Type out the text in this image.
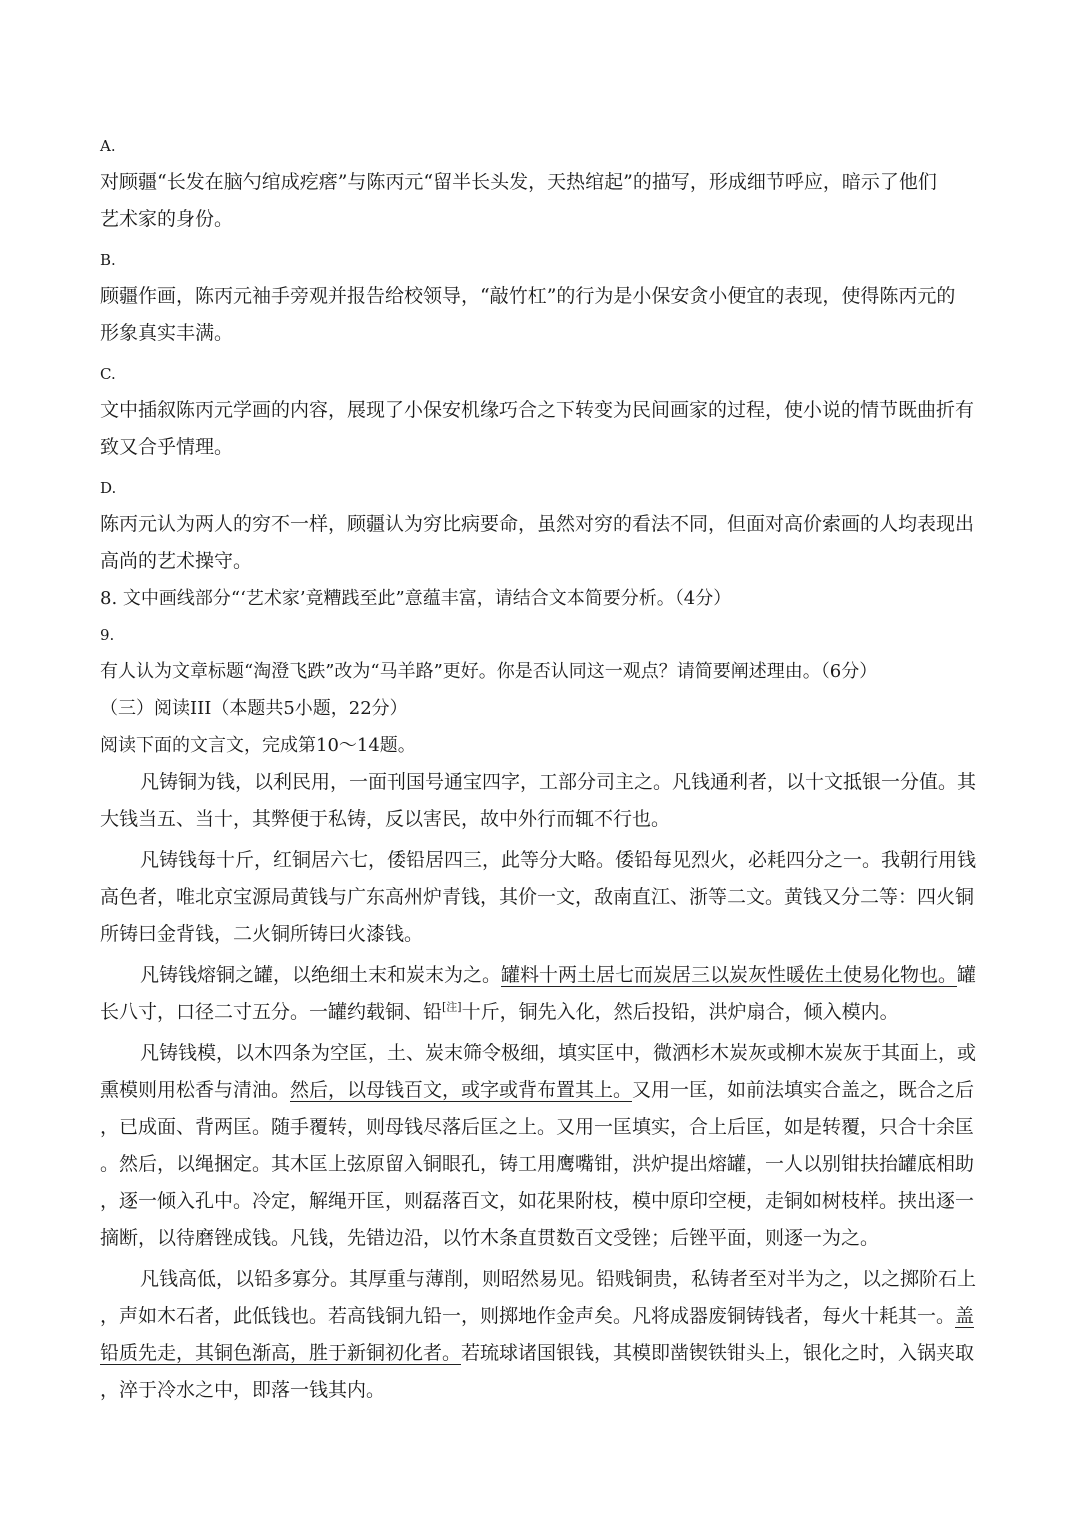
A.
对顾疆“长发在脑勺绾成疙瘩”与陈丙元“留半长头发，天热绾起”的描写，形成细节呼应，暗示了他们
艺术家的身份。
B.
顾疆作画，陈丙元袖手旁观并报告给校领导，“敲竹杠”的行为是小保安贪小便宜的表现，使得陈丙元的
形象真实丰满。
C.
文中插叙陈丙元学画的内容，展现了小保安机缘巧合之下转变为民间画家的过程，使小说的情节既曲折有
致又合乎情理。
D.
陈丙元认为两人的穷不一样，顾疆认为穷比病要命，虽然对穷的看法不同，但面对高价索画的人均表现出
高尚的艺术操守。
8. 文中画线部分“‘艺术家’竟糟践至此”意蕴丰富，请结合文本简要分析。（4分）
9.
有人认为文章标题“淘澄飞跌”改为“马羊路”更好。你是否认同这一观点？请简要阐述理由。（6分）
（三）阅读III（本题共5小题，22分）
阅读下面的文言文，完成第10～14题。
凡铸铜为钱，以利民用，一面刊国号通宝四字，工部分司主之。凡钱通利者，以十文抵银一分值。其
大钱当五、当十，其弊便于私铸，反以害民，故中外行而辄不行也。
凡铸钱每十斤，红铜居六七，倭铅居四三，此等分大略。倭铅每见烈火，必耗四分之一。我朝行用钱
高色者，唯北京宝源局黄钱与广东高州炉青钱，其价一文，敌南直江、浙等二文。黄钱又分二等：四火铜
所铸曰金背钱，二火铜所铸曰火漆钱。
凡铸钱熔铜之罐，以绝细土末和炭末为之。罐料十两土居七而炭居三以炭灰性暖佐土使易化物也。罐
长八寸，口径二寸五分。一罐约载铜、铅[注]十斤，铜先入化，然后投铅，洪炉扇合，倾入模内。
凡铸钱模，以木四条为空匡，土、炭末筛令极细，填实匡中，微洒杉木炭灰或柳木炭灰于其面上，或
熏模则用松香与清油。然后，以母钱百文，或字或背布置其上。又用一匡，如前法填实合盖之，既合之后
，已成面、背两匡。随手覆转，则母钱尽落后匡之上。又用一匡填实，合上后匡，如是转覆，只合十余匡
。然后，以绳捆定。其木匡上弦原留入铜眼孔，铸工用鹰嘴钳，洪炉提出熔罐，一人以别钳扶抬罐底相助
，逐一倾入孔中。冷定，解绳开匡，则磊落百文，如花果附枝，模中原印空梗，走铜如树枝样。挟出逐一
摘断，以待磨锉成钱。凡钱，先错边沿，以竹木条直贯数百文受锉；后锉平面，则逐一为之。
凡钱高低，以铅多寡分。其厚重与薄削，则昭然易见。铅贱铜贵，私铸者至对半为之，以之掷阶石上
，声如木石者，此低钱也。若高钱铜九铅一，则掷地作金声矣。凡将成器废铜铸钱者，每火十耗其一。盖
铅质先走，其铜色渐高，胜于新铜初化者。若琉球诸国银钱，其模即凿锲铁钳头上，银化之时，入锅夹取
，淬于冷水之中，即落一钱其内。
